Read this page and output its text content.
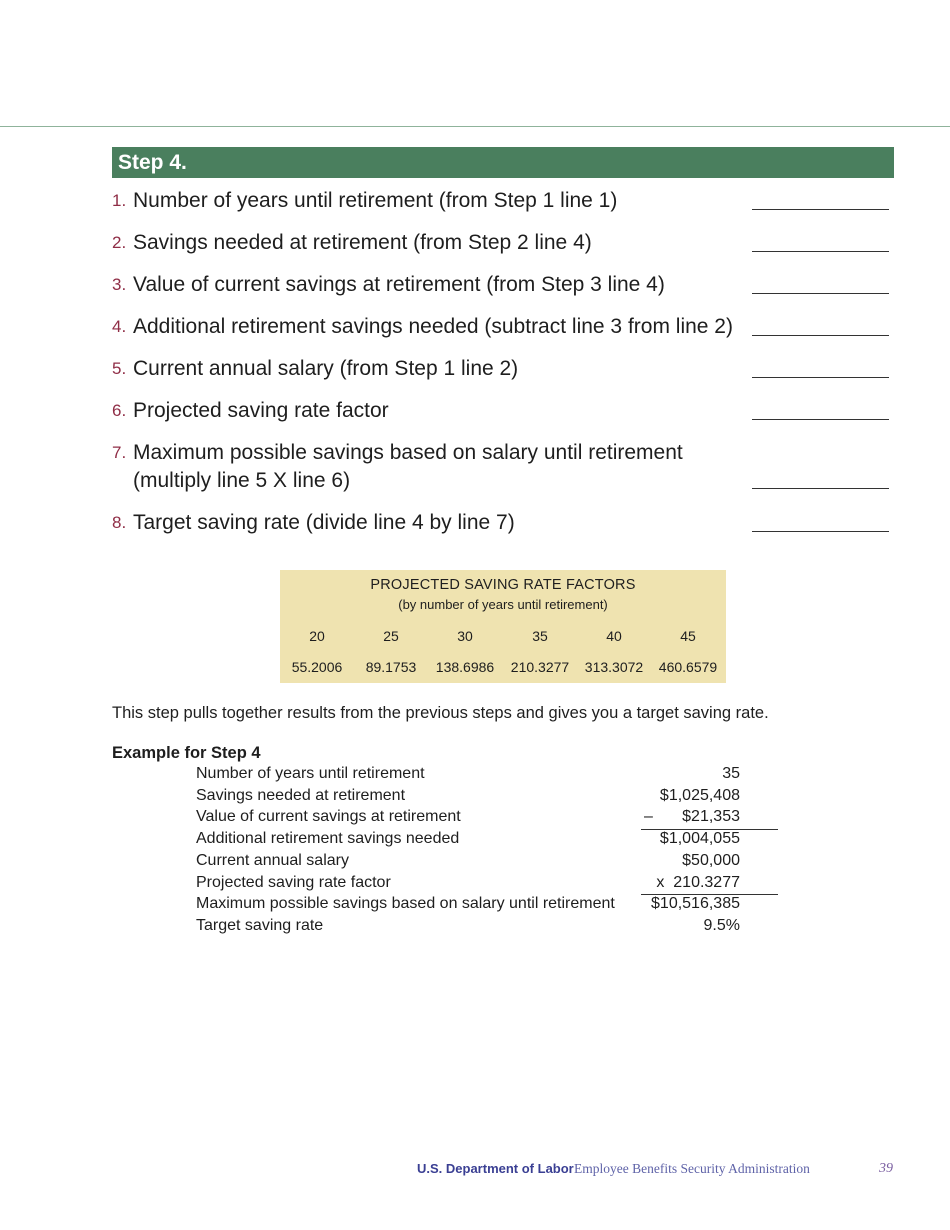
Step 4.
1. Number of years until retirement (from Step 1 line 1)
2. Savings needed at retirement (from Step 2 line 4)
3. Value of current savings at retirement (from Step 3 line 4)
4. Additional retirement savings needed (subtract line 3 from line 2)
5. Current annual salary (from Step 1 line 2)
6. Projected saving rate factor
7. Maximum possible savings based on salary until retirement
(multiply line 5 X line 6)
8. Target saving rate (divide line 4 by line 7)
PROJECTED SAVING RATE FACTORS
(by number of years until retirement)
20	25	30	35	40	45
55.2006	89.1753	138.6986	210.3277	313.3072	460.6579
This step pulls together results from the previous steps and gives you a target saving rate.
Example for Step 4
Number of years until retirement	35
Savings needed at retirement	$1,025,408
Value of current savings at retirement	– $21,353
Additional retirement savings needed	$1,004,055
Current annual salary	$50,000
Projected saving rate factor	x  210.3277
Maximum possible savings based on salary until retirement $10,516,385
Target saving rate	9.5%
U.S. Department of Labor Employee Benefits Security Administration	39
